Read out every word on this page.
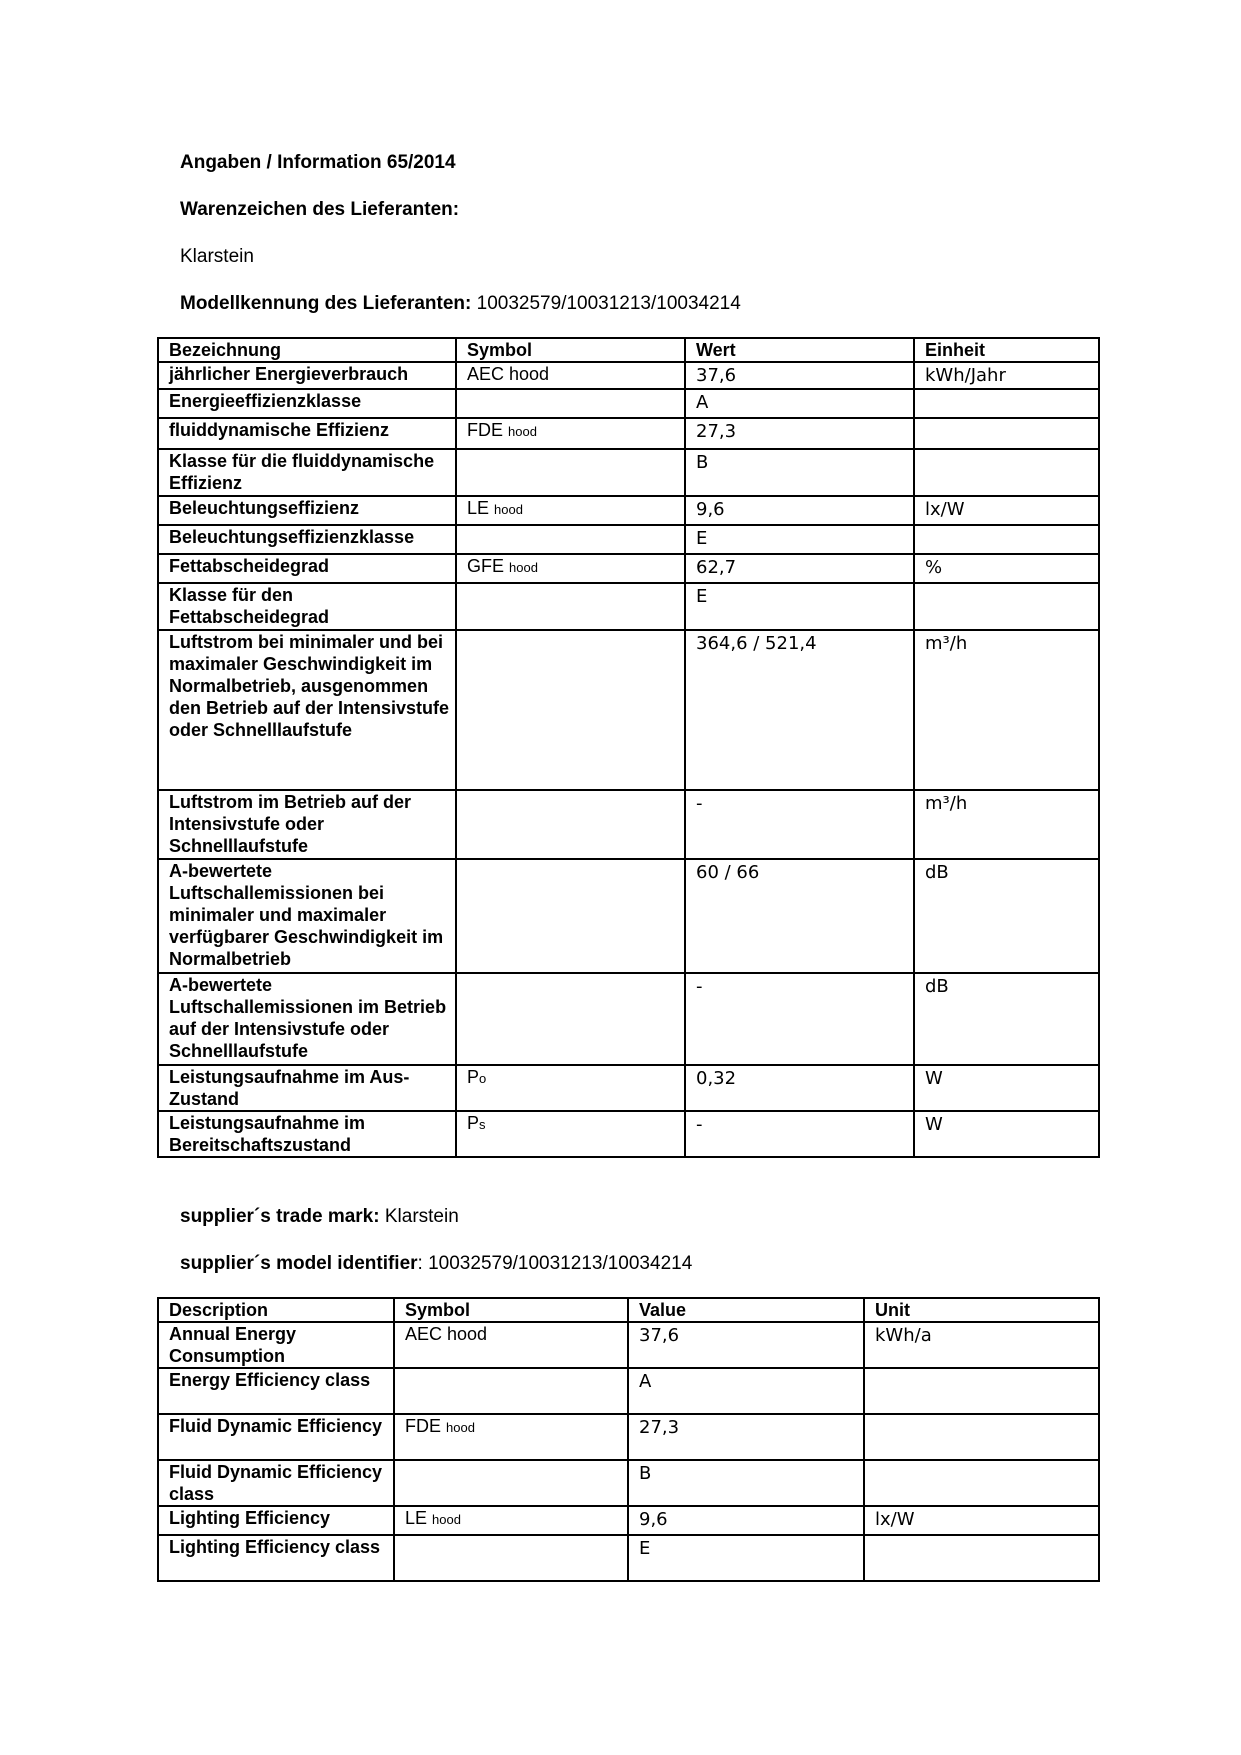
Angaben / Information 65/2014
Warenzeichen des Lieferanten:
Klarstein
Modellkennung des Lieferanten: 10032579/10031213/10034214
Bezeichnung	Symbol	Wert	Einheit
jährlicher Energieverbrauch	AEC hood	37,6	kWh/Jahr
Energieeffizienzklasse		A	
fluiddynamische Effizienz	FDE hood	27,3	
Klasse für die fluiddynamische Effizienz		B	
Beleuchtungseffizienz	LE hood	9,6	lx/W
Beleuchtungseffizienzklasse		E	
Fettabscheidegrad	GFE hood	62,7	%
Klasse für den Fettabscheidegrad		E	
Luftstrom bei minimaler und bei maximaler Geschwindigkeit im Normalbetrieb, ausgenommen den Betrieb auf der Intensivstufe oder Schnelllaufstufe		364,6 / 521,4	m³/h
Luftstrom im Betrieb auf der Intensivstufe oder Schnelllaufstufe		-	m³/h
A-bewertete Luftschallemissionen bei minimaler und maximaler verfügbarer Geschwindigkeit im Normalbetrieb		60 / 66	dB
A-bewertete Luftschallemissionen im Betrieb auf der Intensivstufe oder Schnelllaufstufe		-	dB
Leistungsaufnahme im Aus-Zustand	Po	0,32	W
Leistungsaufnahme im Bereitschaftszustand	Ps	-	W
supplier´s trade mark: Klarstein
supplier´s model identifier: 10032579/10031213/10034214
Description	Symbol	Value	Unit
Annual Energy Consumption	AEC hood	37,6	kWh/a
Energy Efficiency class		A	
Fluid Dynamic Efficiency	FDE hood	27,3	
Fluid Dynamic Efficiency class		B	
Lighting Efficiency	LE hood	9,6	lx/W
Lighting Efficiency class		E	
